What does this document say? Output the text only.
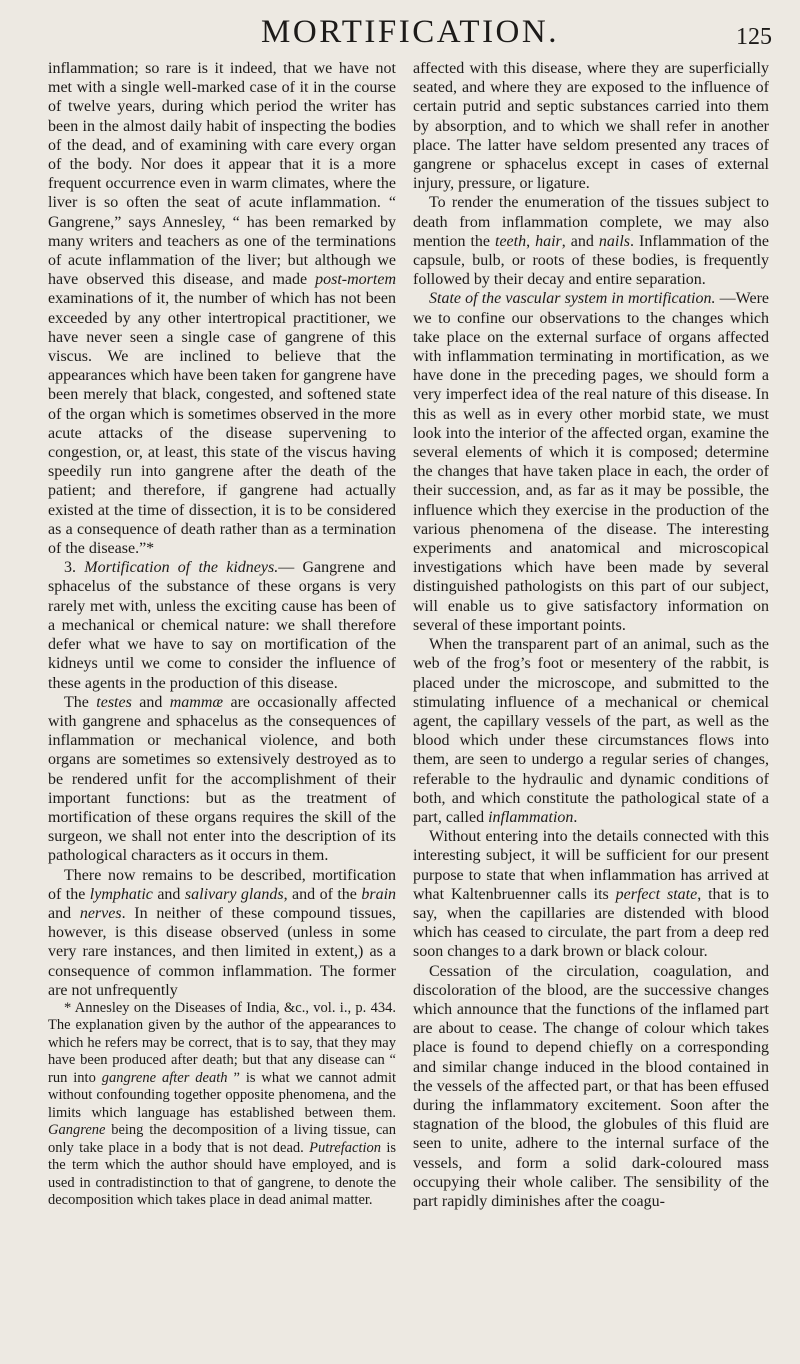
MORTIFICATION.	125

inflammation; so rare is it indeed, that we have not met with a single well-marked case of it in the course of twelve years, during which period the writer has been in the almost daily habit of inspecting the bodies of the dead, and of examining with care every organ of the body. Nor does it appear that it is a more frequent occurrence even in warm climates, where the liver is so often the seat of acute inflammation. “ Gangrene,” says Annesley, “ has been remarked by many writers and teachers as one of the terminations of acute inflammation of the liver; but although we have observed this disease, and made post-mortem examinations of it, the number of which has not been exceeded by any other intertropical practitioner, we have never seen a single case of gangrene of this viscus. We are inclined to believe that the appearances which have been taken for gangrene have been merely that black, congested, and softened state of the organ which is sometimes observed in the more acute attacks of the disease supervening to congestion, or, at least, this state of the viscus having speedily run into gangrene after the death of the patient; and therefore, if gangrene had actually existed at the time of dissection, it is to be considered as a consequence of death rather than as a termination of the disease.”*

3. Mortification of the kidneys.— Gangrene and sphacelus of the substance of these organs is very rarely met with, unless the exciting cause has been of a mechanical or chemical nature: we shall therefore defer what we have to say on mortification of the kidneys until we come to consider the influence of these agents in the production of this disease.

The testes and mammæ are occasionally affected with gangrene and sphacelus as the consequences of inflammation or mechanical violence, and both organs are sometimes so extensively destroyed as to be rendered unfit for the accomplishment of their important functions: but as the treatment of mortification of these organs requires the skill of the surgeon, we shall not enter into the description of its pathological characters as it occurs in them.

There now remains to be described, mortification of the lymphatic and salivary glands, and of the brain and nerves. In neither of these compound tissues, however, is this disease observed (unless in some very rare instances, and then limited in extent,) as a consequence of common inflammation. The former are not unfrequently

* Annesley on the Diseases of India, &c., vol. i., p. 434. The explanation given by the author of the appearances to which he refers may be correct, that is to say, that they may have been produced after death; but that any disease can “ run into gangrene after death ” is what we cannot admit without confounding together opposite phenomena, and the limits which language has established between them. Gangrene being the decomposition of a living tissue, can only take place in a body that is not dead. Putrefaction is the term which the author should have employed, and is used in contradistinction to that of gangrene, to denote the decomposition which takes place in dead animal matter.

affected with this disease, where they are superficially seated, and where they are exposed to the influence of certain putrid and septic substances carried into them by absorption, and to which we shall refer in another place. The latter have seldom presented any traces of gangrene or sphacelus except in cases of external injury, pressure, or ligature.

To render the enumeration of the tissues subject to death from inflammation complete, we may also mention the teeth, hair, and nails. Inflammation of the capsule, bulb, or roots of these bodies, is frequently followed by their decay and entire separation.

State of the vascular system in mortification. —Were we to confine our observations to the changes which take place on the external surface of organs affected with inflammation terminating in mortification, as we have done in the preceding pages, we should form a very imperfect idea of the real nature of this disease. In this as well as in every other morbid state, we must look into the interior of the affected organ, examine the several elements of which it is composed; determine the changes that have taken place in each, the order of their succession, and, as far as it may be possible, the influence which they exercise in the production of the various phenomena of the disease. The interesting experiments and anatomical and microscopical investigations which have been made by several distinguished pathologists on this part of our subject, will enable us to give satisfactory information on several of these important points.

When the transparent part of an animal, such as the web of the frog’s foot or mesentery of the rabbit, is placed under the microscope, and submitted to the stimulating influence of a mechanical or chemical agent, the capillary vessels of the part, as well as the blood which under these circumstances flows into them, are seen to undergo a regular series of changes, referable to the hydraulic and dynamic conditions of both, and which constitute the pathological state of a part, called inflammation.

Without entering into the details connected with this interesting subject, it will be sufficient for our present purpose to state that when inflammation has arrived at what Kaltenbruenner calls its perfect state, that is to say, when the capillaries are distended with blood which has ceased to circulate, the part from a deep red soon changes to a dark brown or black colour.

Cessation of the circulation, coagulation, and discoloration of the blood, are the successive changes which announce that the functions of the inflamed part are about to cease. The change of colour which takes place is found to depend chiefly on a corresponding and similar change induced in the blood contained in the vessels of the affected part, or that has been effused during the inflammatory excitement. Soon after the stagnation of the blood, the globules of this fluid are seen to unite, adhere to the internal surface of the vessels, and form a solid dark-coloured mass occupying their whole caliber. The sensibility of the part rapidly diminishes after the coagu-
